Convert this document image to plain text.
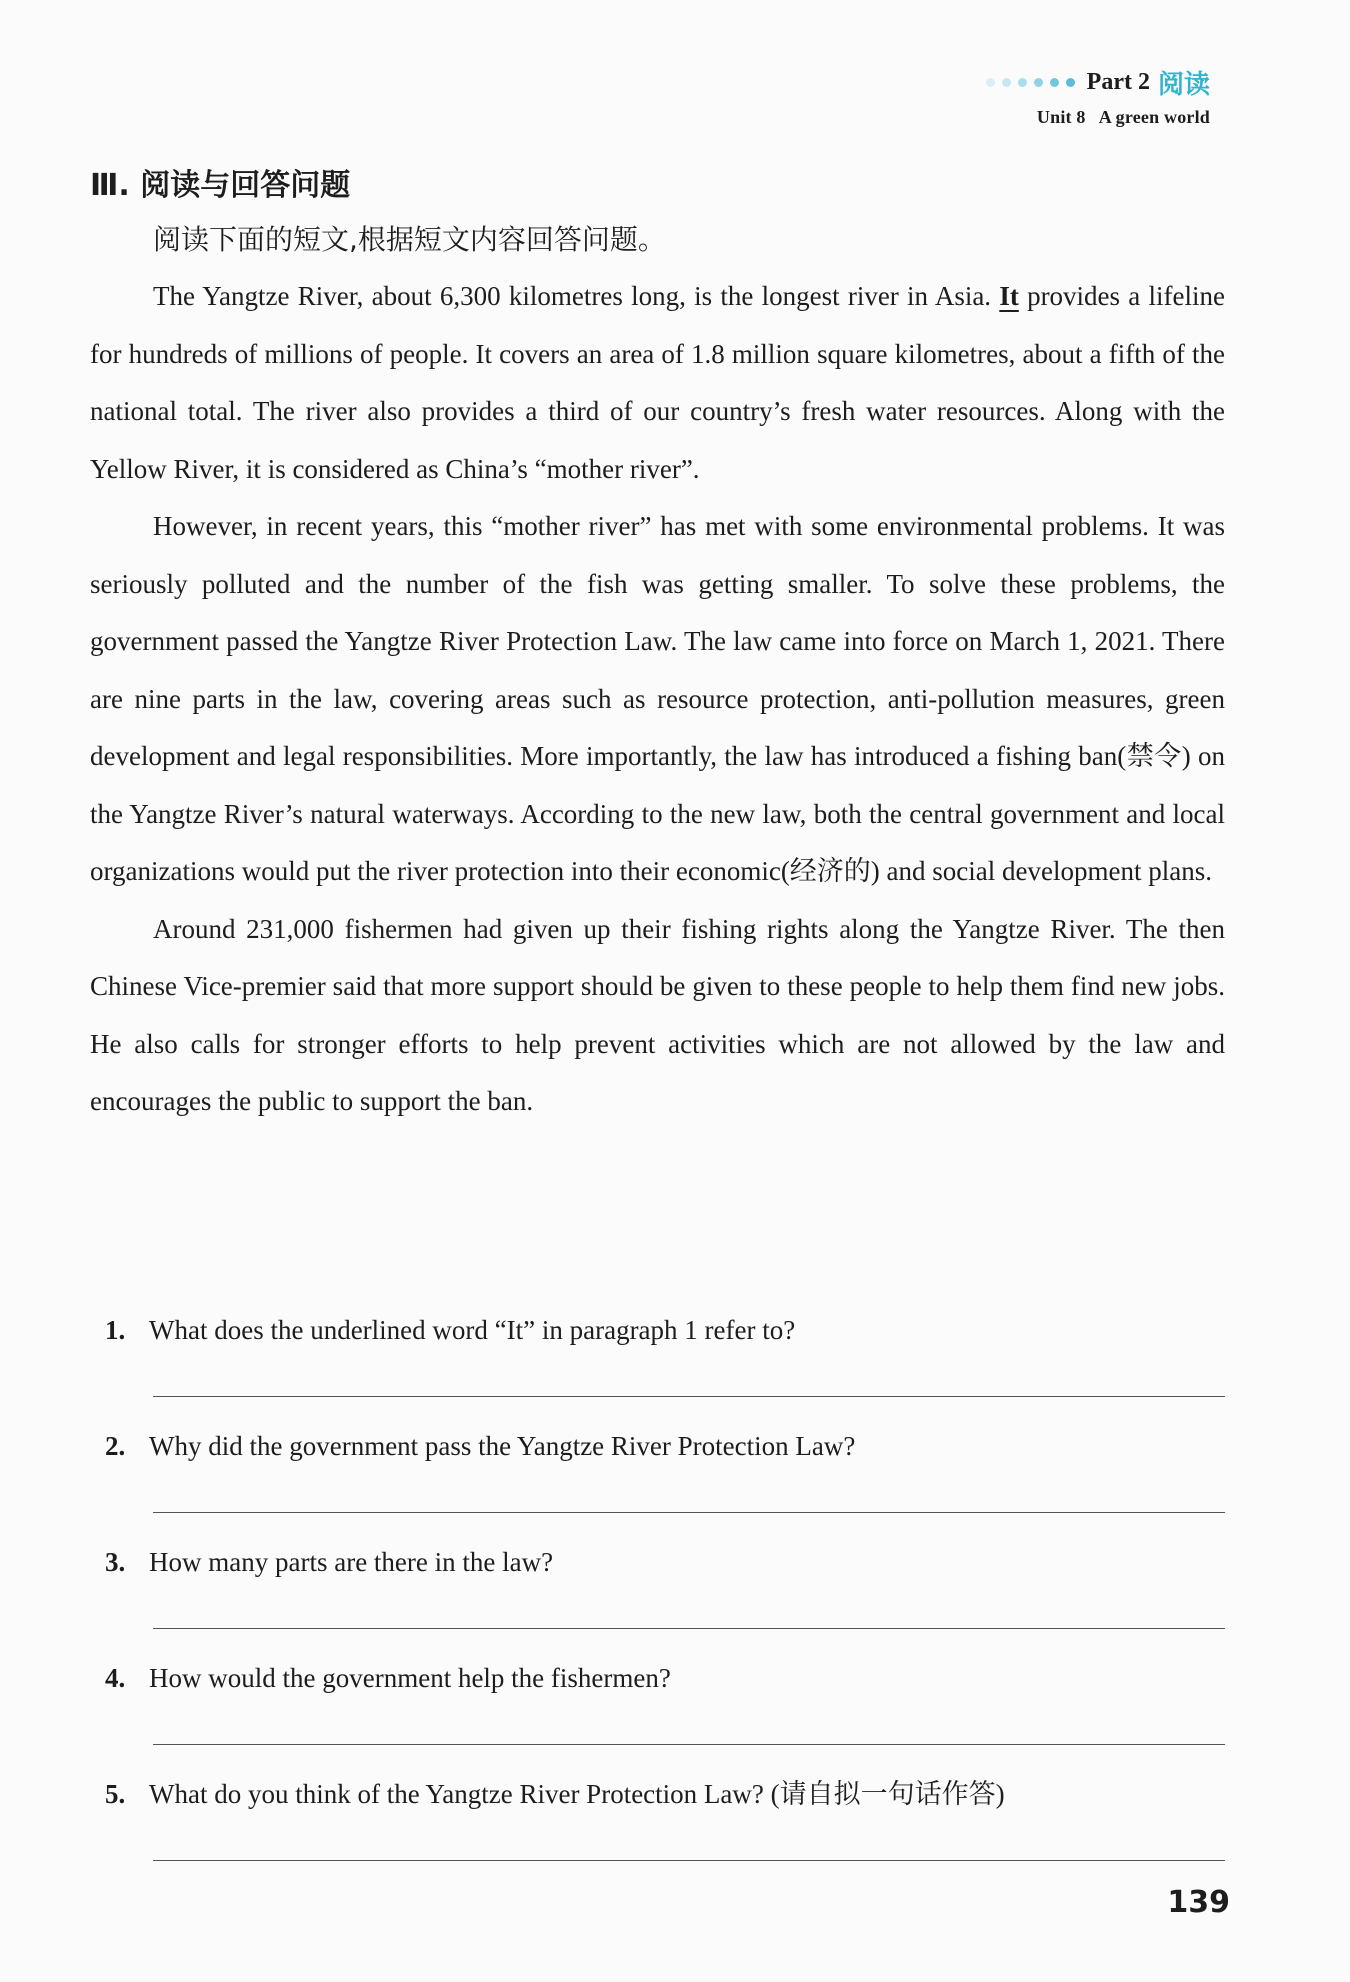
Part 2 阅读
Unit 8 A green world
Ⅲ. 阅读与回答问题
阅读下面的短文,根据短文内容回答问题。

The Yangtze River, about 6,300 kilometres long, is the longest river in Asia. It provides a lifeline for hundreds of millions of people. It covers an area of 1.8 million square kilometres, about a fifth of the national total. The river also provides a third of our country’s fresh water resources. Along with the Yellow River, it is considered as China’s “mother river”.

However, in recent years, this “mother river” has met with some environmental problems. It was seriously polluted and the number of the fish was getting smaller. To solve these problems, the government passed the Yangtze River Protection Law. The law came into force on March 1, 2021. There are nine parts in the law, covering areas such as resource protection, anti-pollution measures, green development and legal responsibilities. More importantly, the law has introduced a fishing ban(禁令) on the Yangtze River’s natural waterways. According to the new law, both the central government and local organizations would put the river protection into their economic(经济的) and social development plans.

Around 231,000 fishermen had given up their fishing rights along the Yangtze River. The then Chinese Vice-premier said that more support should be given to these people to help them find new jobs. He also calls for stronger efforts to help prevent activities which are not allowed by the law and encourages the public to support the ban.

1. What does the underlined word “It” in paragraph 1 refer to?
2. Why did the government pass the Yangtze River Protection Law?
3. How many parts are there in the law?
4. How would the government help the fishermen?
5. What do you think of the Yangtze River Protection Law? (请自拟一句话作答)
139
